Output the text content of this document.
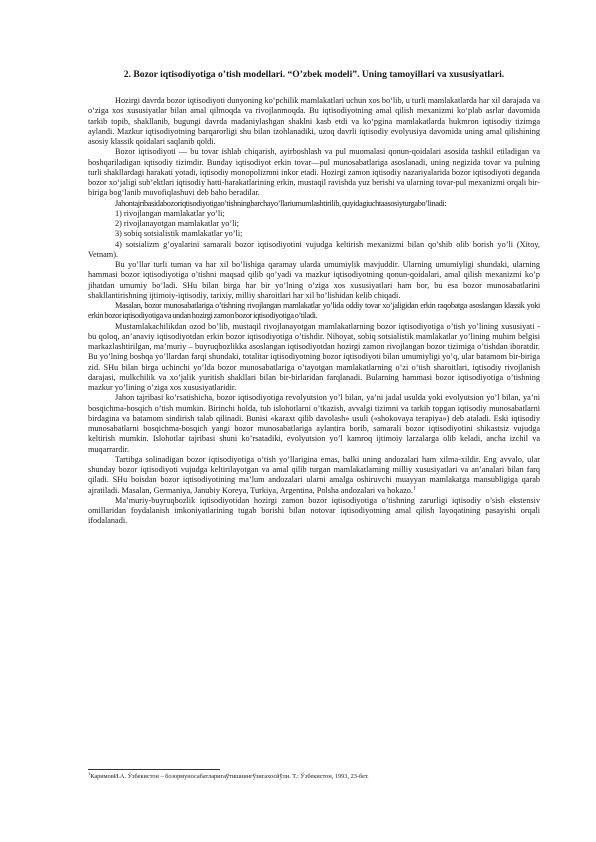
2. Bozor iqtisodiyotiga o’tish modellari. “O’zbek modeli”. Uning tamoyillari va xususiyatlari.

Hozirgi davrda bozor iqtisodiyoti dunyoning ko‘pchilik mamlakatlari uchun xos bo‘lib, u turli mamlakatlarda har xil darajada va o‘ziga xos xususiyatlar bilan amal qilmoqda va rivojlanmoqda. Bu iqtisodiyotning amal qilish mexanizmi ko‘plab asrlar davomida tarkib topib, shakllanib, bugungi davrda madaniylashgan shaklni kasb etdi va ko‘pgina mamlakatlarda hukmron iqtisodiy tizimga aylandi. Mazkur iqtisodiyotning barqarorligi shu bilan izohlanadiki, uzoq davrli iqtisodiy evolyusiya davomida uning amal qilishining asosiy klassik qoidalari saqlanib qoldi.

Bozor iqtisodiyoti — bu tovar ishlab chiqarish, ayirboshlash va pul muomalasi qonun-qoidalari asosida tashkil etiladigan va boshqariladigan iqtisodiy tizimdir. Bunday iqtisodiyot erkin tovar—pul munosabatlariga asoslanadi, uning negizida tovar va pulning turli shakllardagi harakati yotadi, iqtisodiy monopolizmni inkor etadi. Hozirgi zamon iqtisodiy nazariyalarida bozor iqtisodiyoti deganda bozor xo‘jaligi sub’ektlari iqtisodiy hatti-harakatlarining erkin, mustaqil ravishda yuz berishi va ularning tovar-pul mexanizmi orqali bir-biriga bog‘lanib muvofiqlashuvi deb baho beradilar.

Jahontajribasidabozoriqtisodiyotigao’tishningbarchayo’llariumumlashtirilib, quyidagiuchtaasosiyturgabo’linadi:

1) rivojlangan mamlakatlar yo’li;

2) rivojlanayotgan mamlakatlar yo’li;

3) sobiq sotsialistik mamlakatlar yo’li;

4) sotsializm g’oyalarini samarali bozor iqtisodiyotini vujudga keltirish mexanizmi bilan qo’shib olib borish yo’li (Xitoy, Vetnam).

Bu yo’llar turli tuman va har xil bo’lishiga qaramay ularda umumiylik mavjuddir. Ularning umumiyligi shundaki, ularning hammasi bozor iqtisodiyotiga o’tishni maqsad qilib qo’yadi va mazkur iqtisodiyotning qonun-qoidalari, amal qilish mexanizmi ko’p jihatdan umumiy bo’ladi. SHu bilan birga har bir yo’lning o’ziga xos xususiyatlari ham bor, bu esa bozor munosabatlarini shakllantirishning ijtimoiy-iqtisodiy, tarixiy, milliy sharoitlari har xil bo’lishidan kelib chiqadi.

Masalan, bozor munosabatlariga o’tishning rivojlangan mamlakatlar yo’lida oddiy tovar xo’jaligidan erkin raqobatga asoslangan klassik yoki erkin bozor iqtisodiyotiga va undan hozirgi zamon bozor iqtisodiyotiga o’tiladi.

Mustamlakachilikdan ozod bo’lib, mustaqil rivojlanayotgan mamlakatlarning bozor iqtisodiyotiga o’tish yo’lining xususiyati - bu qoloq, an’anaviy iqtisodiyotdan erkin bozor iqtisodiyotiga o’tishdir. Nihoyat, sobiq sotsialistik mamlakatlar yo’lining muhim belgisi markazlashtirilgan, ma’muriy – buyruqbozlikka asoslangan iqtisodiyotdan hozirgi zamon rivojlangan bozor tizimiga o’tishdan iboratdir. Bu yo’lning boshqa yo’llardan farqi shundaki, totalitar iqtisodiyotning bozor iqtisodiyoti bilan umumiyligi yo’q, ular batamom bir-biriga zid. SHu bilan birga uchinchi yo’lda bozor munosabatlariga o’tayotgan mamlakatlarning o’zi o’tish sharoitlari, iqtisodiy rivojlanish darajasi, mulkchilik va xo’jalik yuritish shakllari bilan bir-birlaridan farqlanadi. Bularning hammasi bozor iqtisodiyotiga o’tishning mazkur yo’lining o’ziga xos xususiyatlaridir.

Jahon tajribasi ko’rsatishicha, bozor iqtisodiyotiga revolyutsion yo’l bilan, ya’ni jadal usulda yoki evolyutsion yo’l bilan, ya’ni bosqichma-bosqich o’tish mumkin. Birinchi holda, tub islohotlarni o’tkazish, avvalgi tizimni va tarkib topgan iqtisodiy munosabatlarni birdagina va batamom sindirish talab qilinadi. Bunisi «karaxt qilib davolash» usuli («shokovaya terapiya») deb ataladi. Eski iqtisodiy munosabatlarni bosqichma-bosqich yangi bozor munosabatlariga aylantira borib, samarali bozor iqtisodiyotini shikastsiz vujudga keltirish mumkin. Islohotlar tajribasi shuni ko’rsatadiki, evolyutsion yo’l kamroq ijtimoiy larzalarga olib keladi, ancha izchil va muqarrardir.

Tartibga solinadigan bozor iqtisodiyotiga o’tish yo’llarigina emas, balki uning andozalari ham xilma-xildir. Eng avvalo, ular shunday bozor iqtisodiyoti vujudga keltirilayotgan va amal qilib turgan mamlakatlarning milliy xususiyatlari va an’analari bilan farq qiladi. SHu boisdan bozor iqtisodiyotining ma’lum andozalari ularni amalga oshiruvchi muayyan mamlakatga mansubligiga qarab ajratiladi. Masalan, Germaniya, Janubiy Koreya, Turkiya, Argentina, Polsha andozalari va hokazo.$^1$

Ma’muriy-buyruqbozlik iqtisodiyotidan hozirgi zamon bozor iqtisodiyotiga o’tishning zarurligi iqtisodiy o’sish ekstensiv omillaridan foydalanish imkoniyatlarining tugab borishi bilan notovar iqtisodiyotning amal qilish layoqatining pasayishi orqali ifodalanadi.

$^1$КаримовИ.А. Ўзбекистон – бозормуносабатларигаўтишнингўзигахосйўли. Т.: Ўзбекистон, 1993, 23-бет.
